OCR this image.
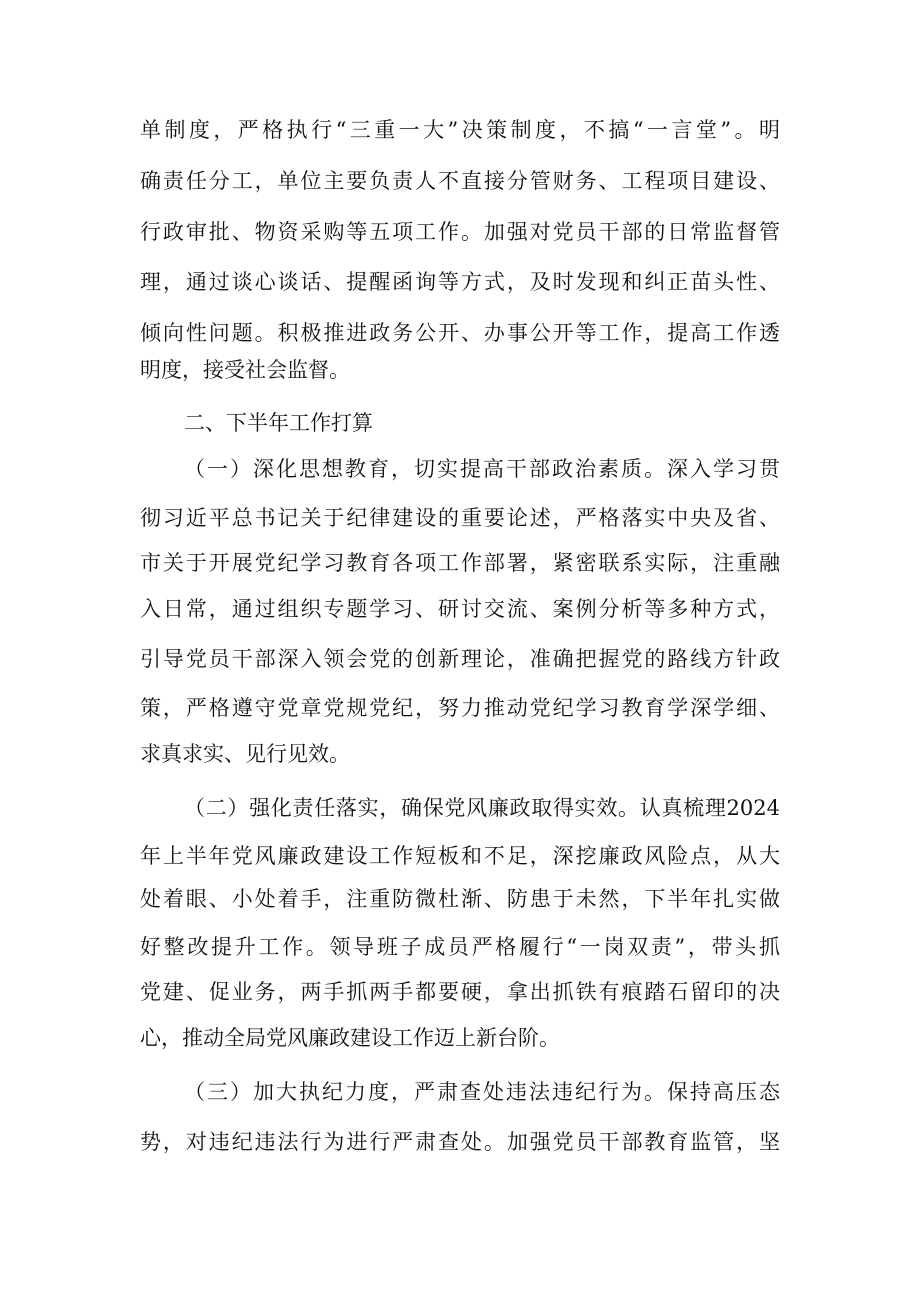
单制度，严格执行“三重一大”决策制度，不搞“一言堂”。明
确责任分工，单位主要负责人不直接分管财务、工程项目建设、
行政审批、物资采购等五项工作。加强对党员干部的日常监督管
理，通过谈心谈话、提醒函询等方式，及时发现和纠正苗头性、
倾向性问题。积极推进政务公开、办事公开等工作，提高工作透
明度，接受社会监督。
二、下半年工作打算
（一）深化思想教育，切实提高干部政治素质。深入学习贯
彻习近平总书记关于纪律建设的重要论述，严格落实中央及省、
市关于开展党纪学习教育各项工作部署，紧密联系实际，注重融
入日常，通过组织专题学习、研讨交流、案例分析等多种方式，
引导党员干部深入领会党的创新理论，准确把握党的路线方针政
策，严格遵守党章党规党纪，努力推动党纪学习教育学深学细、
求真求实、见行见效。
（二）强化责任落实，确保党风廉政取得实效。认真梳理2024
年上半年党风廉政建设工作短板和不足，深挖廉政风险点，从大
处着眼、小处着手，注重防微杜渐、防患于未然，下半年扎实做
好整改提升工作。领导班子成员严格履行“一岗双责”，带头抓
党建、促业务，两手抓两手都要硬，拿出抓铁有痕踏石留印的决
心，推动全局党风廉政建设工作迈上新台阶。
（三）加大执纪力度，严肃查处违法违纪行为。保持高压态
势，对违纪违法行为进行严肃查处。加强党员干部教育监管，坚
